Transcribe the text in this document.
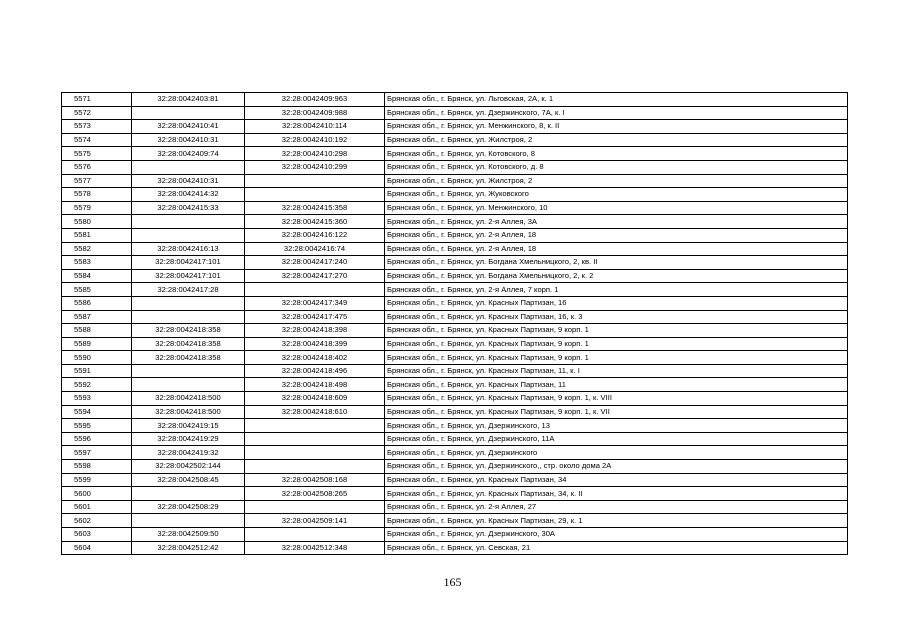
5571	32:28:0042403:81	32:28:0042409:963	Брянская обл., г. Брянск, ул. Льговская, 2А, к. 1
5572		32:28:0042409:988	Брянская обл., г. Брянск, ул. Дзержинского, 7А, к. I
5573	32:28:0042410:41	32:28:0042410:114	Брянская обл., г. Брянск, ул. Менжинского, 8, к. II
5574	32:28:0042410:31	32:28:0042410:192	Брянская обл., г. Брянск, ул. Жилстроя, 2
5575	32:28:0042409:74	32:28:0042410:298	Брянская обл., г. Брянск, ул. Котовского, 8
5576		32:28:0042410:299	Брянская обл., г. Брянск, ул. Котовского, д. 8
5577	32:28:0042410:31		Брянская обл., г. Брянск, ул. Жилстроя, 2
5578	32:28:0042414:32		Брянская обл., г. Брянск, ул. Жуковского
5579	32:28:0042415:33	32:28:0042415:358	Брянская обл., г. Брянск, ул. Менжинского, 10
5580		32:28:0042415:360	Брянская обл., г. Брянск, ул. 2-я Аллея, 3А
5581		32:28:0042416:122	Брянская обл., г. Брянск, ул. 2-я Аллея, 18
5582	32:28:0042416:13	32:28:0042416:74	Брянская обл., г. Брянск, ул. 2-я Аллея, 18
5583	32:28:0042417:101	32:28:0042417:240	Брянская обл., г. Брянск, ул. Богдана Хмельницкого, 2, кв. II
5584	32:28:0042417:101	32:28:0042417:270	Брянская обл., г. Брянск, ул. Богдана Хмельницкого, 2, к. 2
5585	32:28:0042417:28		Брянская обл., г. Брянск, ул. 2-я Аллея, 7 корп. 1
5586		32:28:0042417:349	Брянская обл., г. Брянск, ул. Красных Партизан, 16
5587		32:28:0042417:475	Брянская обл., г. Брянск, ул. Красных Партизан, 16, к. 3
5588	32:28:0042418:358	32:28:0042418:398	Брянская обл., г. Брянск, ул. Красных Партизан, 9 корп. 1
5589	32:28:0042418:358	32:28:0042418:399	Брянская обл., г. Брянск, ул. Красных Партизан, 9 корп. 1
5590	32:28:0042418:358	32:28:0042418:402	Брянская обл., г. Брянск, ул. Красных Партизан, 9 корп. 1
5591		32:28:0042418:496	Брянская обл., г. Брянск, ул. Красных Партизан, 11, к. I
5592		32:28:0042418:498	Брянская обл., г. Брянск, ул. Красных Партизан, 11
5593	32:28:0042418:500	32:28:0042418:609	Брянская обл., г. Брянск, ул. Красных Партизан, 9 корп. 1, к. VIII
5594	32:28:0042418:500	32:28:0042418:610	Брянская обл., г. Брянск, ул. Красных Партизан, 9 корп. 1, к. VII
5595	32:28:0042419:15		Брянская обл., г. Брянск, ул. Дзержинского, 13
5596	32:28:0042419:29		Брянская обл., г. Брянск, ул. Дзержинского, 11А
5597	32:28:0042419:32		Брянская обл., г. Брянск, ул. Дзержинского
5598	32:28:0042502:144		Брянская обл., г. Брянск, ул. Дзержинского,, стр. около дома 2А
5599	32:28:0042508:45	32:28:0042508:168	Брянская обл., г. Брянск, ул. Красных Партизан, 34
5600		32:28:0042508:265	Брянская обл., г. Брянск, ул. Красных Партизан, 34, к. II
5601	32:28:0042508:29		Брянская обл., г. Брянск, ул. 2-я Аллея, 27
5602		32:28:0042509:141	Брянская обл., г. Брянск, ул. Красных Партизан, 29, к. 1
5603	32:28:0042509:50		Брянская обл., г. Брянск, ул. Дзержинского, 30А
5604	32:28:0042512:42	32:28:0042512:348	Брянская обл., г. Брянск, ул. Севская, 21
165
